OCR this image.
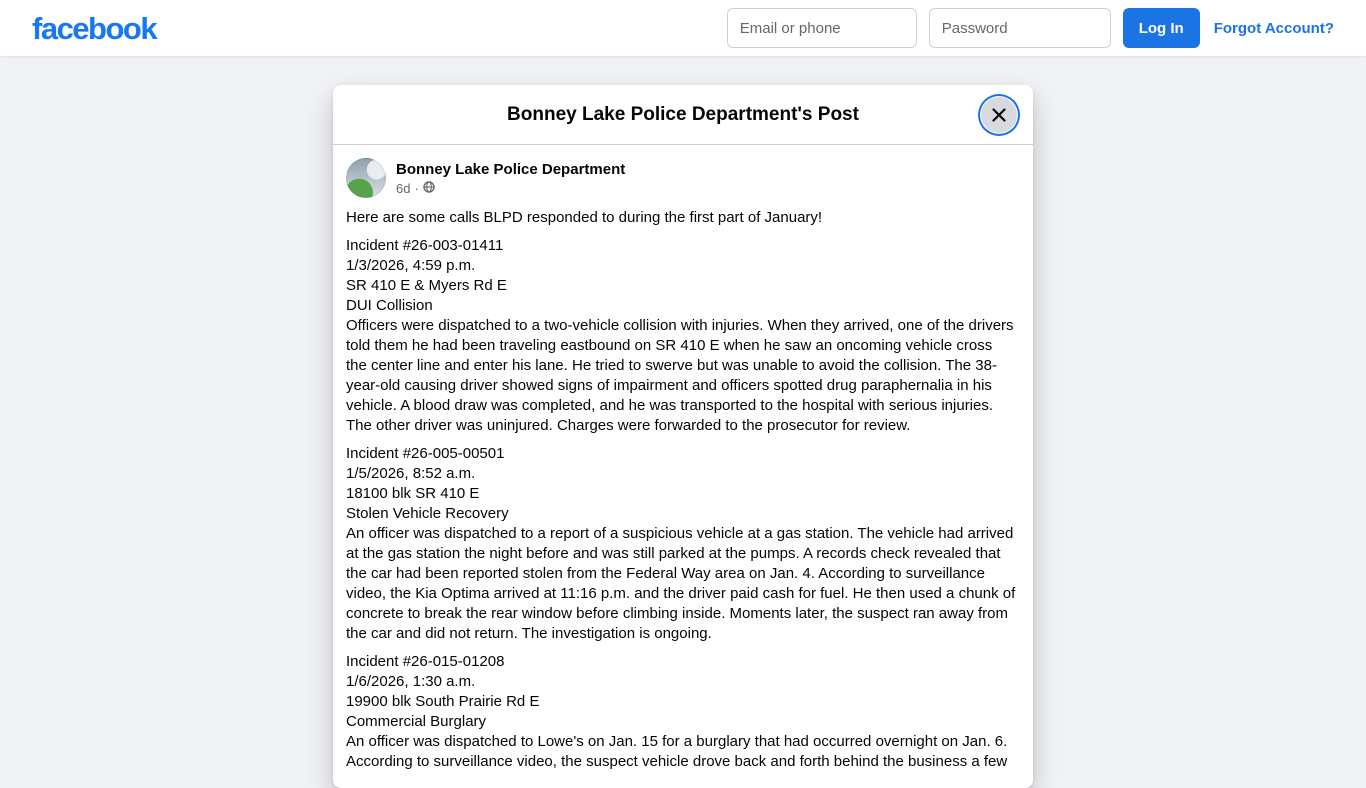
facebook
Email or phone	Log In	Forgot Account?
Bonney Lake Police Department's Post
Bonney Lake Police Department
6d ·
Here are some calls BLPD responded to during the first part of January!
Incident #26-003-01411
1/3/2026, 4:59 p.m.
SR 410 E & Myers Rd E
DUI Collision
Officers were dispatched to a two-vehicle collision with injuries. When they arrived, one of the drivers told them he had been traveling eastbound on SR 410 E when he saw an oncoming vehicle cross the center line and enter his lane. He tried to swerve but was unable to avoid the collision. The 38-year-old causing driver showed signs of impairment and officers spotted drug paraphernalia in his vehicle. A blood draw was completed, and he was transported to the hospital with serious injuries. The other driver was uninjured. Charges were forwarded to the prosecutor for review.
Incident #26-005-00501
1/5/2026, 8:52 a.m.
18100 blk SR 410 E
Stolen Vehicle Recovery
An officer was dispatched to a report of a suspicious vehicle at a gas station. The vehicle had arrived at the gas station the night before and was still parked at the pumps. A records check revealed that the car had been reported stolen from the Federal Way area on Jan. 4. According to surveillance video, the Kia Optima arrived at 11:16 p.m. and the driver paid cash for fuel. He then used a chunk of concrete to break the rear window before climbing inside. Moments later, the suspect ran away from the car and did not return. The investigation is ongoing.
Incident #26-015-01208
1/6/2026, 1:30 a.m.
19900 blk South Prairie Rd E
Commercial Burglary
An officer was dispatched to Lowe's on Jan. 15 for a burglary that had occurred overnight on Jan. 6. According to surveillance video, the suspect vehicle drove back and forth behind the business a few
